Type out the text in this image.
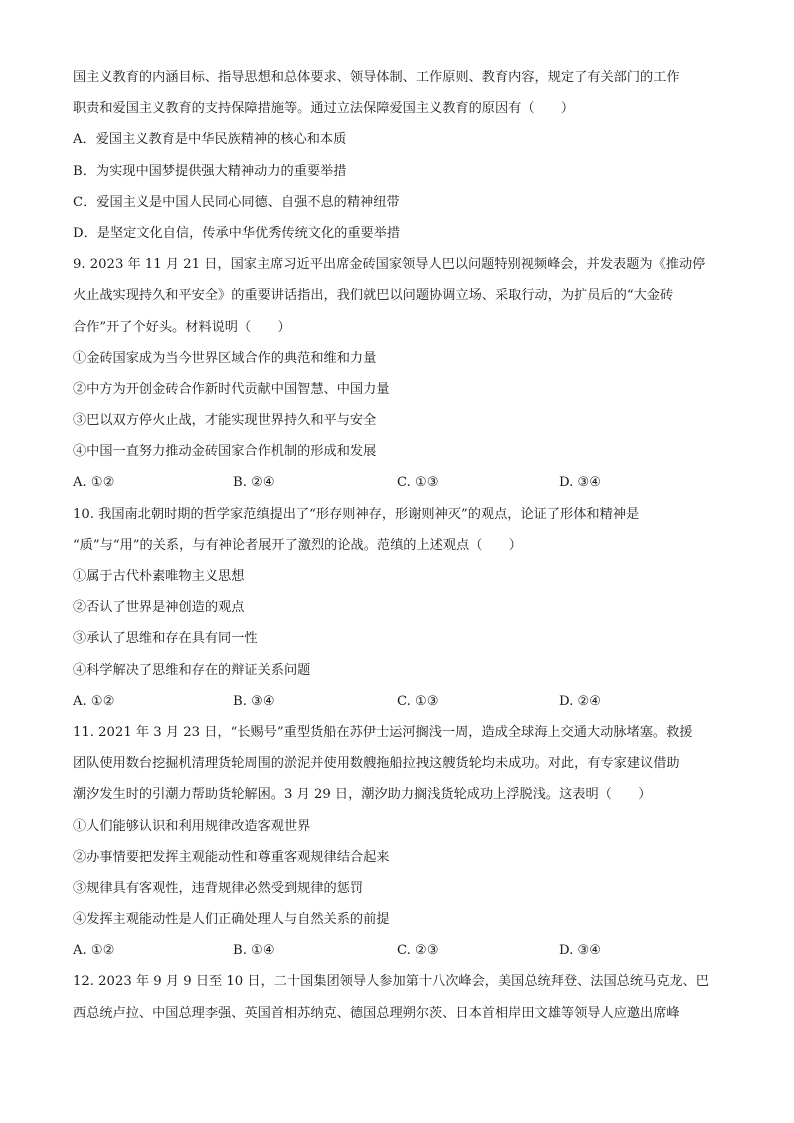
国主义教育的内涵目标、指导思想和总体要求、领导体制、工作原则、教育内容，规定了有关部门的工作
职责和爱国主义教育的支持保障措施等。通过立法保障爱国主义教育的原因有（　　）
A．爱国主义教育是中华民族精神的核心和本质
B．为实现中国梦提供强大精神动力的重要举措
C．爱国主义是中国人民同心同德、自强不息的精神纽带
D．是坚定文化自信，传承中华优秀传统文化的重要举措
9. 2023 年 11 月 21 日，国家主席习近平出席金砖国家领导人巴以问题特别视频峰会，并发表题为《推动停
火止战实现持久和平安全》的重要讲话指出，我们就巴以问题协调立场、采取行动，为扩员后的“大金砖
合作”开了个好头。材料说明（　　）
①金砖国家成为当今世界区域合作的典范和维和力量
②中方为开创金砖合作新时代贡献中国智慧、中国力量
③巴以双方停火止战，才能实现世界持久和平与安全
④中国一直努力推动金砖国家合作机制的形成和发展
A. ①②	B. ②④	C. ①③	D. ③④
10. 我国南北朝时期的哲学家范缜提出了“形存则神存，形谢则神灭”的观点，论证了形体和精神是
“质”与“用”的关系，与有神论者展开了激烈的论战。范缜的上述观点（　　）
①属于古代朴素唯物主义思想
②否认了世界是神创造的观点
③承认了思维和存在具有同一性
④科学解决了思维和存在的辩证关系问题
A. ①②	B. ③④	C. ①③	D. ②④
11. 2021 年 3 月 23 日，“长赐号”重型货船在苏伊士运河搁浅一周，造成全球海上交通大动脉堵塞。救援
团队使用数台挖掘机清理货轮周围的淤泥并使用数艘拖船拉拽这艘货轮均未成功。对此，有专家建议借助
潮汐发生时的引潮力帮助货轮解困。3 月 29 日，潮汐助力搁浅货轮成功上浮脱浅。这表明（　　）
①人们能够认识和利用规律改造客观世界
②办事情要把发挥主观能动性和尊重客观规律结合起来
③规律具有客观性，违背规律必然受到规律的惩罚
④发挥主观能动性是人们正确处理人与自然关系的前提
A. ①②	B. ①④	C. ②③	D. ③④
12. 2023 年 9 月 9 日至 10 日，二十国集团领导人参加第十八次峰会，美国总统拜登、法国总统马克龙、巴
西总统卢拉、中国总理李强、英国首相苏纳克、德国总理朔尔茨、日本首相岸田文雄等领导人应邀出席峰
